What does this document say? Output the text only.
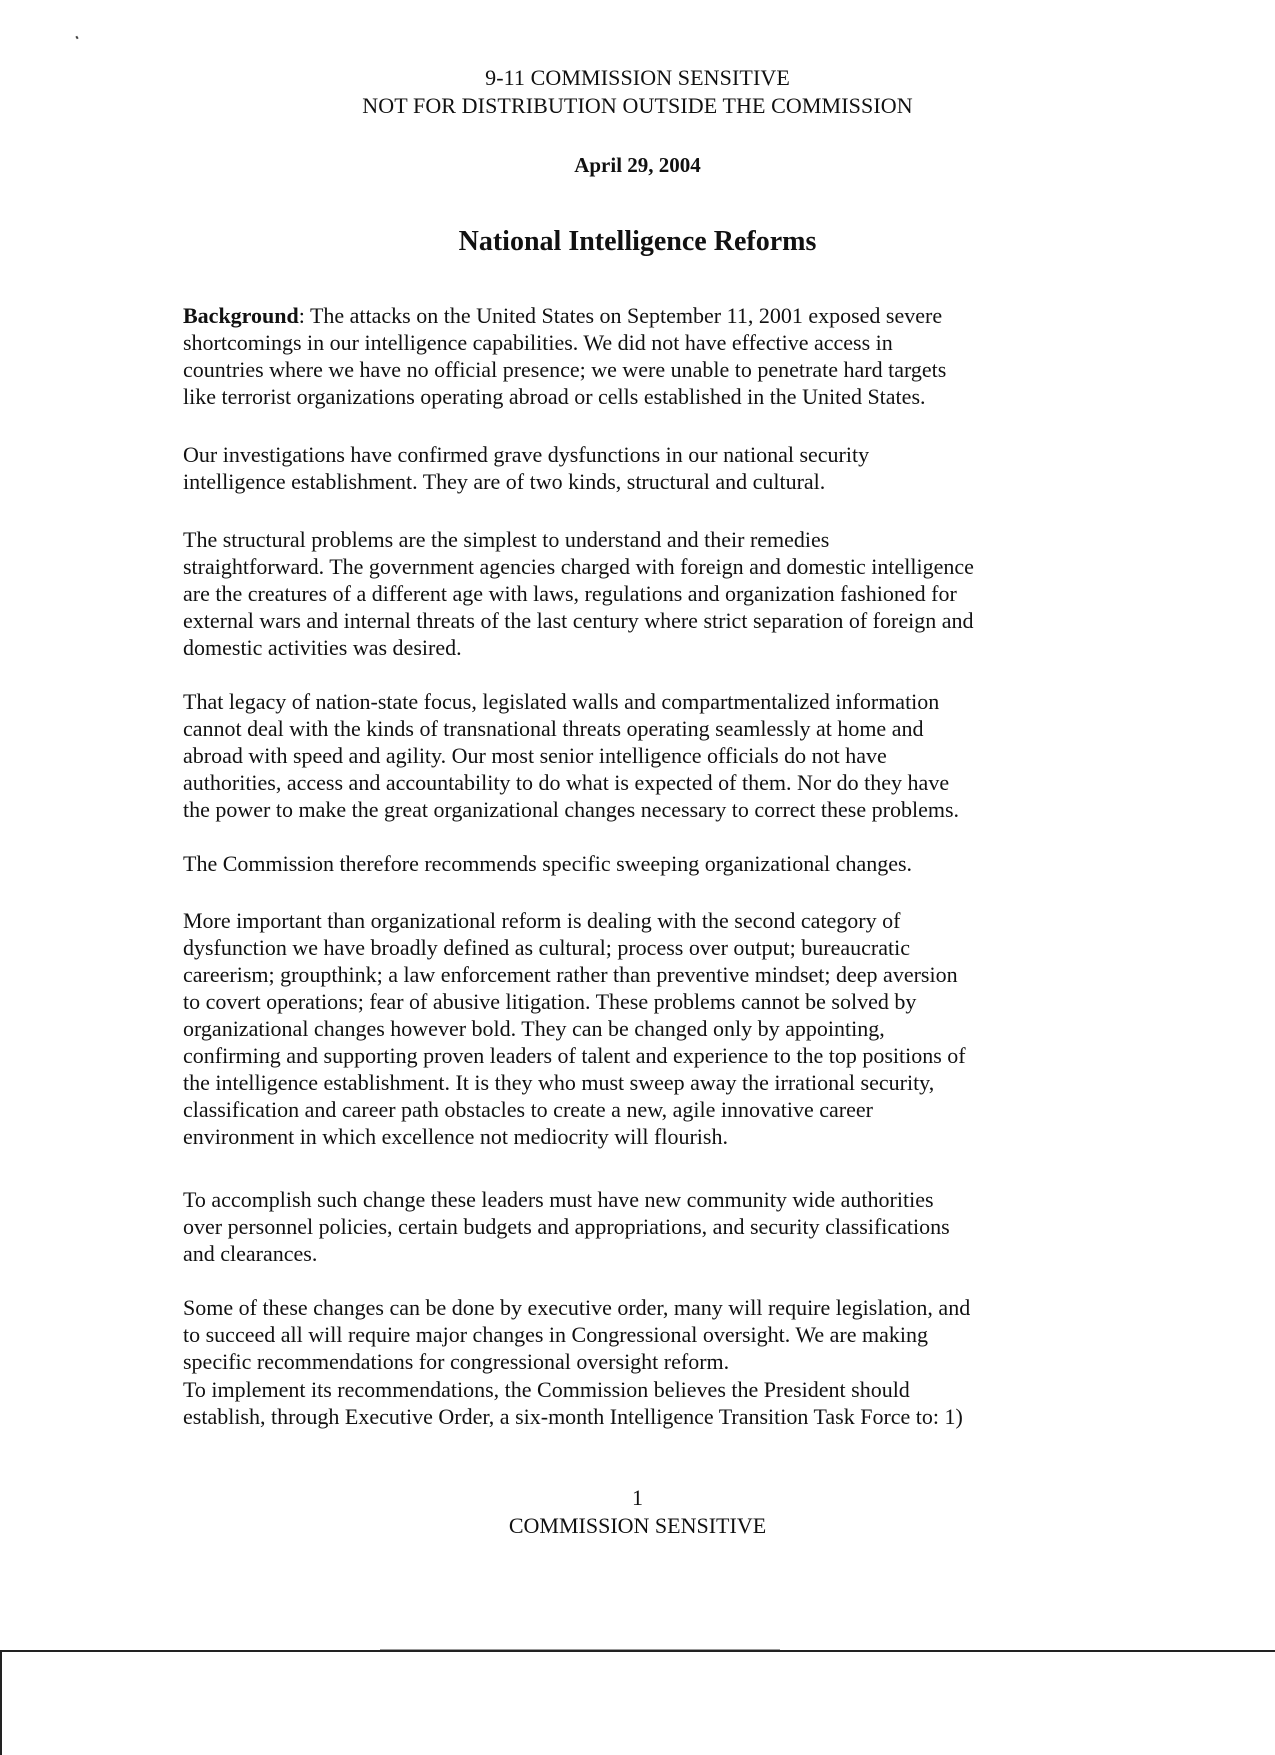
9-11 COMMISSION SENSITIVE
NOT FOR DISTRIBUTION OUTSIDE THE COMMISSION
April 29, 2004
National Intelligence Reforms
Background: The attacks on the United States on September 11, 2001 exposed severe
shortcomings in our intelligence capabilities. We did not have effective access in
countries where we have no official presence; we were unable to penetrate hard targets
like terrorist organizations operating abroad or cells established in the United States.
Our investigations have confirmed grave dysfunctions in our national security
intelligence establishment. They are of two kinds, structural and cultural.
The structural problems are the simplest to understand and their remedies
straightforward. The government agencies charged with foreign and domestic intelligence
are the creatures of a different age with laws, regulations and organization fashioned for
external wars and internal threats of the last century where strict separation of foreign and
domestic activities was desired.
That legacy of nation-state focus, legislated walls and compartmentalized information
cannot deal with the kinds of transnational threats operating seamlessly at home and
abroad with speed and agility. Our most senior intelligence officials do not have
authorities, access and accountability to do what is expected of them. Nor do they have
the power to make the great organizational changes necessary to correct these problems.
The Commission therefore recommends specific sweeping organizational changes.
More important than organizational reform is dealing with the second category of
dysfunction we have broadly defined as cultural; process over output; bureaucratic
careerism; groupthink; a law enforcement rather than preventive mindset; deep aversion
to covert operations; fear of abusive litigation. These problems cannot be solved by
organizational changes however bold. They can be changed only by appointing,
confirming and supporting proven leaders of talent and experience to the top positions of
the intelligence establishment. It is they who must sweep away the irrational security,
classification and career path obstacles to create a new, agile innovative career
environment in which excellence not mediocrity will flourish.
To accomplish such change these leaders must have new community wide authorities
over personnel policies, certain budgets and appropriations, and security classifications
and clearances.
Some of these changes can be done by executive order, many will require legislation, and
to succeed all will require major changes in Congressional oversight. We are making
specific recommendations for congressional oversight reform.
To implement its recommendations, the Commission believes the President should
establish, through Executive Order, a six-month Intelligence Transition Task Force to: 1)
1
COMMISSION SENSITIVE
